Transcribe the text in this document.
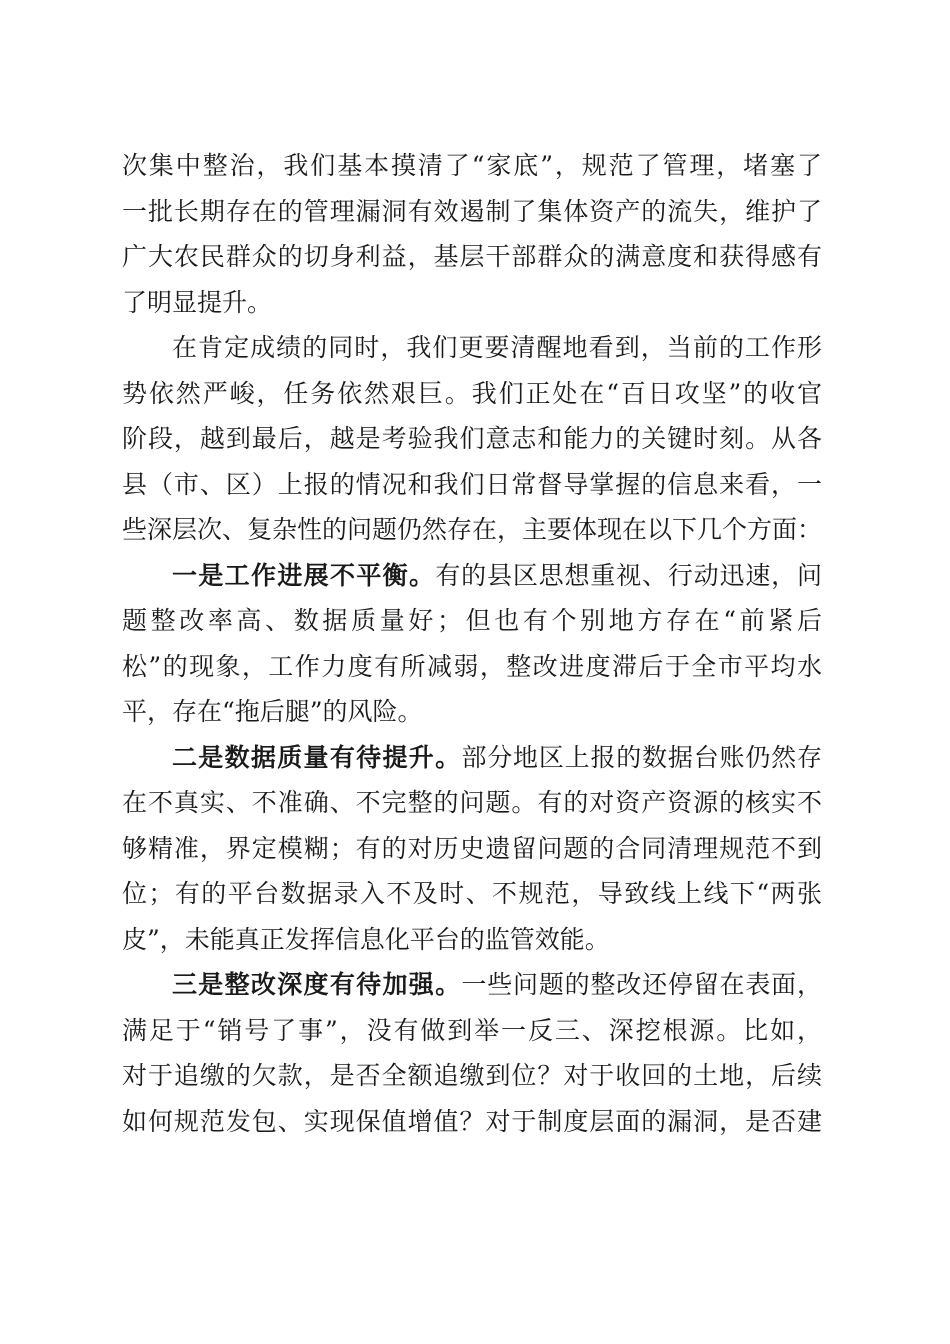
次集中整治，我们基本摸清了“家底”，规范了管理，堵塞了
一批长期存在的管理漏洞有效遏制了集体资产的流失，维护了
广大农民群众的切身利益，基层干部群众的满意度和获得感有
了明显提升。
在肯定成绩的同时，我们更要清醒地看到，当前的工作形
势依然严峻，任务依然艰巨。我们正处在“百日攻坚”的收官
阶段，越到最后，越是考验我们意志和能力的关键时刻。从各
县（市、区）上报的情况和我们日常督导掌握的信息来看，一
些深层次、复杂性的问题仍然存在，主要体现在以下几个方面：
一是工作进展不平衡。有的县区思想重视、行动迅速，问
题整改率高、数据质量好；但也有个别地方存在“前紧后
松”的现象，工作力度有所减弱，整改进度滞后于全市平均水
平，存在“拖后腿”的风险。
二是数据质量有待提升。部分地区上报的数据台账仍然存
在不真实、不准确、不完整的问题。有的对资产资源的核实不
够精准，界定模糊；有的对历史遗留问题的合同清理规范不到
位；有的平台数据录入不及时、不规范，导致线上线下“两张
皮”，未能真正发挥信息化平台的监管效能。
三是整改深度有待加强。一些问题的整改还停留在表面，
满足于“销号了事”，没有做到举一反三、深挖根源。比如，
对于追缴的欠款，是否全额追缴到位？对于收回的土地，后续
如何规范发包、实现保值增值？对于制度层面的漏洞，是否建
